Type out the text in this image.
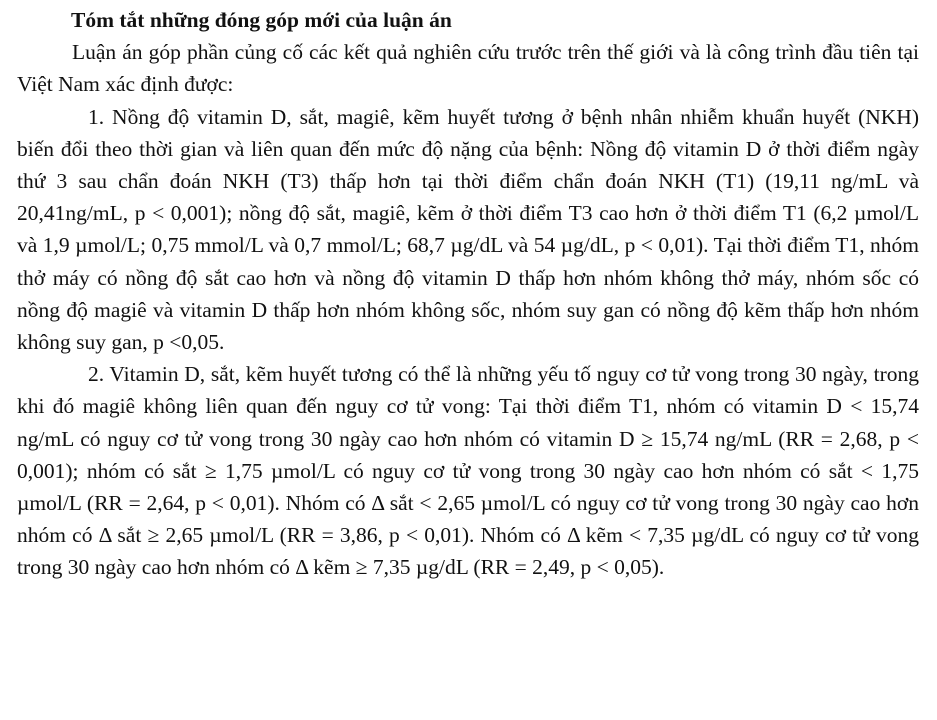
Tóm tắt những đóng góp mới của luận án

Luận án góp phần củng cố các kết quả nghiên cứu trước trên thế giới và là công trình đầu tiên tại Việt Nam xác định được:

1. Nồng độ vitamin D, sắt, magiê, kẽm huyết tương ở bệnh nhân nhiễm khuẩn huyết (NKH) biến đổi theo thời gian và liên quan đến mức độ nặng của bệnh: Nồng độ vitamin D ở thời điểm ngày thứ 3 sau chẩn đoán NKH (T3) thấp hơn tại thời điểm chẩn đoán NKH (T1) (19,11 ng/mL và 20,41ng/mL, p < 0,001); nồng độ sắt, magiê, kẽm ở thời điểm T3 cao hơn ở thời điểm T1 (6,2 µmol/L và 1,9 µmol/L; 0,75 mmol/L và 0,7 mmol/L; 68,7 µg/dL và 54 µg/dL, p < 0,01). Tại thời điểm T1, nhóm thở máy có nồng độ sắt cao hơn và nồng độ vitamin D thấp hơn nhóm không thở máy, nhóm sốc có nồng độ magiê và vitamin D thấp hơn nhóm không sốc, nhóm suy gan có nồng độ kẽm thấp hơn nhóm không suy gan, p <0,05.

2. Vitamin D, sắt, kẽm huyết tương có thể là những yếu tố nguy cơ tử vong trong 30 ngày, trong khi đó magiê không liên quan đến nguy cơ tử vong: Tại thời điểm T1, nhóm có vitamin D < 15,74 ng/mL có nguy cơ tử vong trong 30 ngày cao hơn nhóm có vitamin D ≥ 15,74 ng/mL (RR = 2,68, p < 0,001); nhóm có sắt ≥ 1,75 µmol/L có nguy cơ tử vong trong 30 ngày cao hơn nhóm có sắt < 1,75 µmol/L (RR = 2,64, p < 0,01). Nhóm có Δ sắt < 2,65 µmol/L có nguy cơ tử vong trong 30 ngày cao hơn nhóm có Δ sắt ≥ 2,65 µmol/L (RR = 3,86, p < 0,01). Nhóm có Δ kẽm < 7,35 µg/dL có nguy cơ tử vong trong 30 ngày cao hơn nhóm có Δ kẽm ≥ 7,35 µg/dL (RR = 2,49, p < 0,05).
